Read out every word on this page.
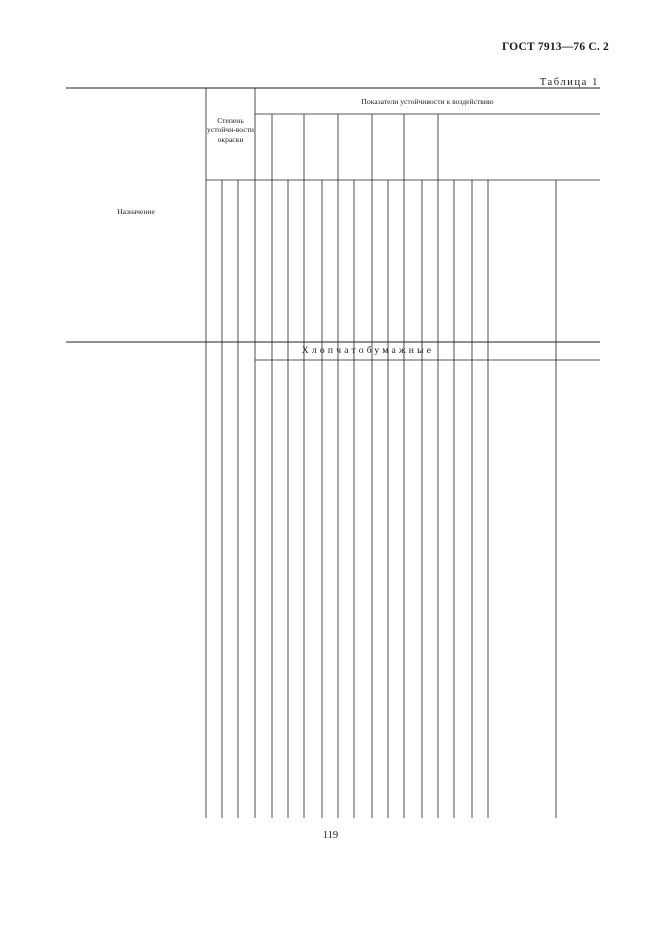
ГОСТ 7913—76 С. 2
Таблица 1
Назначение
Степень устойчи-вости окраски
Показатели устойчивости к воздействию
Хлопчатобумажные
119
